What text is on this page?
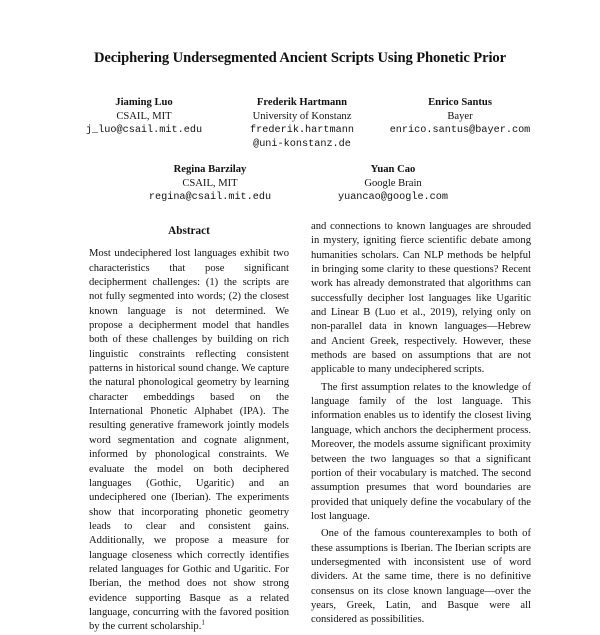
Deciphering Undersegmented Ancient Scripts Using Phonetic Prior
Jiaming Luo
CSAIL, MIT
j_luo@csail.mit.edu
Frederik Hartmann
University of Konstanz
frederik.hartmann
@uni-konstanz.de
Enrico Santus
Bayer
enrico.santus@bayer.com
Regina Barzilay
CSAIL, MIT
regina@csail.mit.edu
Yuan Cao
Google Brain
yuancao@google.com
Abstract

Most undeciphered lost languages exhibit two characteristics that pose significant decipherment challenges: (1) the scripts are not fully segmented into words; (2) the closest known language is not determined. We propose a decipherment model that handles both of these challenges by building on rich linguistic constraints reflecting consistent patterns in historical sound change. We capture the natural phonological geometry by learning character embeddings based on the International Phonetic Alphabet (IPA). The resulting generative framework jointly models word segmentation and cognate alignment, informed by phonological constraints. We evaluate the model on both deciphered languages (Gothic, Ugaritic) and an undeciphered one (Iberian). The experiments show that incorporating phonetic geometry leads to clear and consistent gains. Additionally, we propose a measure for language closeness which correctly identifies related languages for Gothic and Ugaritic. For Iberian, the method does not show strong evidence supporting Basque as a related language, concurring with the favored position by the current scholarship.$^1$

and connections to known languages are shrouded in mystery, igniting fierce scientific debate among humanities scholars. Can NLP methods be helpful in bringing some clarity to these questions? Recent work has already demonstrated that algorithms can successfully decipher lost languages like Ugaritic and Linear B (Luo et al., 2019), relying only on non-parallel data in known languages—Hebrew and Ancient Greek, respectively. However, these methods are based on assumptions that are not applicable to many undeciphered scripts.

The first assumption relates to the knowledge of language family of the lost language. This information enables us to identify the closest living language, which anchors the decipherment process. Moreover, the models assume significant proximity between the two languages so that a significant portion of their vocabulary is matched. The second assumption presumes that word boundaries are provided that uniquely define the vocabulary of the lost language.

One of the famous counterexamples to both of these assumptions is Iberian. The Iberian scripts are undersegmented with inconsistent use of word dividers. At the same time, there is no definitive consensus on its close known language—over the years, Greek, Latin, and Basque were all considered as possibilities.
